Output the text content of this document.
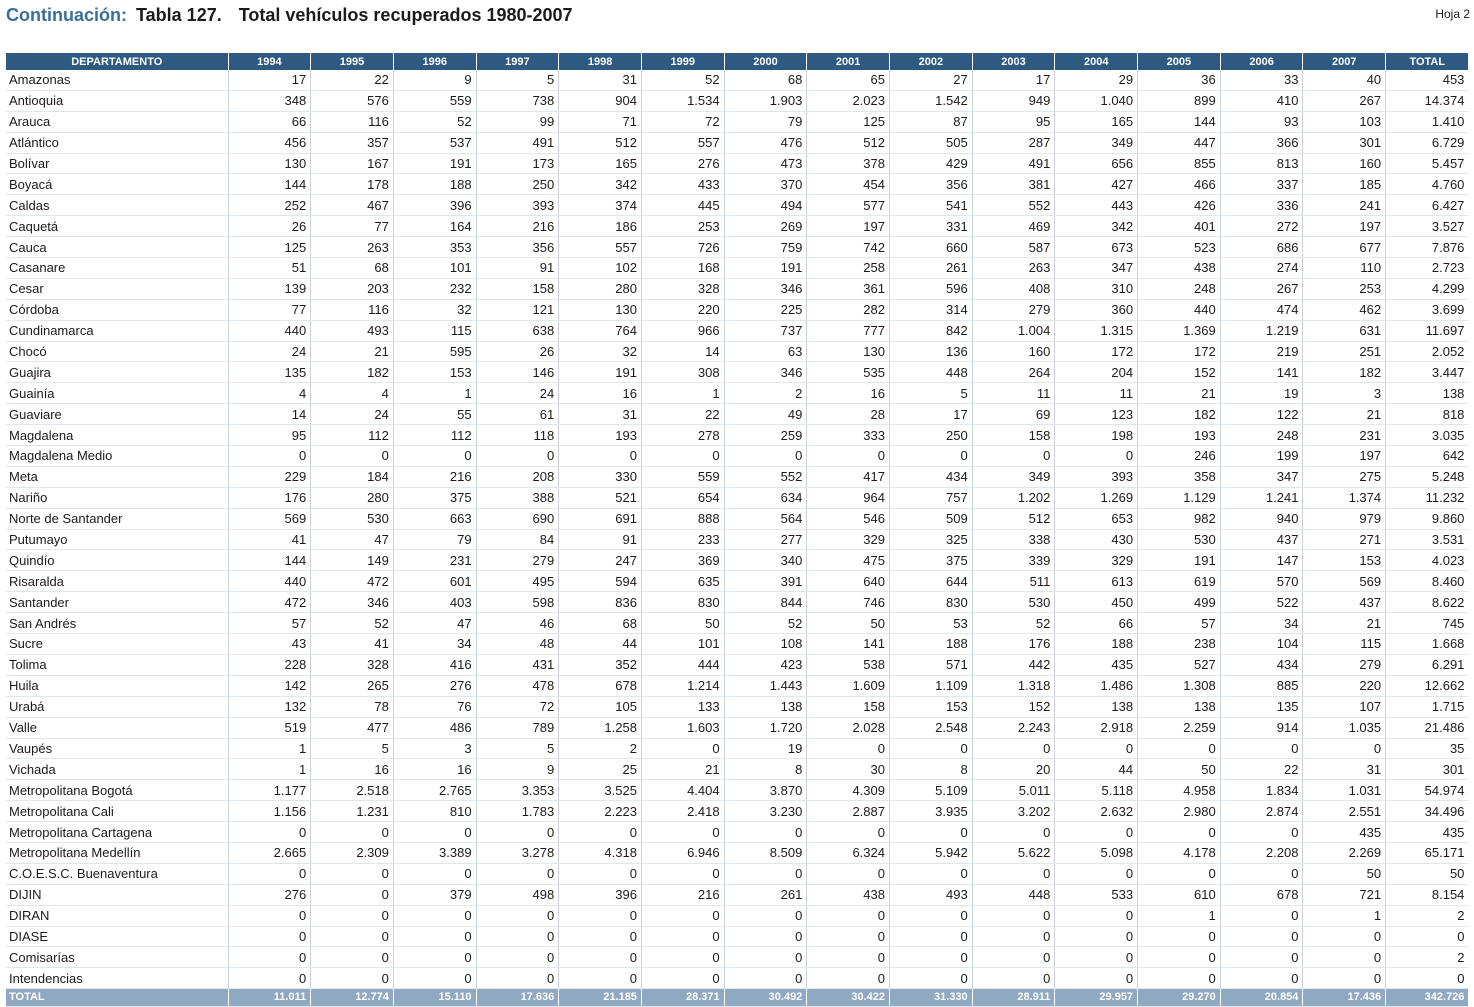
Continuación: Tabla 127. Total vehículos recuperados 1980-2007	Hoja 2
DEPARTAMENTO	1994	1995	1996	1997	1998	1999	2000	2001	2002	2003	2004	2005	2006	2007	TOTAL
Amazonas	17	22	9	5	31	52	68	65	27	17	29	36	33	40	453
Antioquia	348	576	559	738	904	1.534	1.903	2.023	1.542	949	1.040	899	410	267	14.374
Arauca	66	116	52	99	71	72	79	125	87	95	165	144	93	103	1.410
Atlántico	456	357	537	491	512	557	476	512	505	287	349	447	366	301	6.729
Bolívar	130	167	191	173	165	276	473	378	429	491	656	855	813	160	5.457
Boyacá	144	178	188	250	342	433	370	454	356	381	427	466	337	185	4.760
Caldas	252	467	396	393	374	445	494	577	541	552	443	426	336	241	6.427
Caquetá	26	77	164	216	186	253	269	197	331	469	342	401	272	197	3.527
Cauca	125	263	353	356	557	726	759	742	660	587	673	523	686	677	7.876
Casanare	51	68	101	91	102	168	191	258	261	263	347	438	274	110	2.723
Cesar	139	203	232	158	280	328	346	361	596	408	310	248	267	253	4.299
Córdoba	77	116	32	121	130	220	225	282	314	279	360	440	474	462	3.699
Cundinamarca	440	493	115	638	764	966	737	777	842	1.004	1.315	1.369	1.219	631	11.697
Chocó	24	21	595	26	32	14	63	130	136	160	172	172	219	251	2.052
Guajira	135	182	153	146	191	308	346	535	448	264	204	152	141	182	3.447
Guainía	4	4	1	24	16	1	2	16	5	11	11	21	19	3	138
Guaviare	14	24	55	61	31	22	49	28	17	69	123	182	122	21	818
Magdalena	95	112	112	118	193	278	259	333	250	158	198	193	248	231	3.035
Magdalena Medio	0	0	0	0	0	0	0	0	0	0	0	246	199	197	642
Meta	229	184	216	208	330	559	552	417	434	349	393	358	347	275	5.248
Nariño	176	280	375	388	521	654	634	964	757	1.202	1.269	1.129	1.241	1.374	11.232
Norte de Santander	569	530	663	690	691	888	564	546	509	512	653	982	940	979	9.860
Putumayo	41	47	79	84	91	233	277	329	325	338	430	530	437	271	3.531
Quindío	144	149	231	279	247	369	340	475	375	339	329	191	147	153	4.023
Risaralda	440	472	601	495	594	635	391	640	644	511	613	619	570	569	8.460
Santander	472	346	403	598	836	830	844	746	830	530	450	499	522	437	8.622
San Andrés	57	52	47	46	68	50	52	50	53	52	66	57	34	21	745
Sucre	43	41	34	48	44	101	108	141	188	176	188	238	104	115	1.668
Tolima	228	328	416	431	352	444	423	538	571	442	435	527	434	279	6.291
Huila	142	265	276	478	678	1.214	1.443	1.609	1.109	1.318	1.486	1.308	885	220	12.662
Urabá	132	78	76	72	105	133	138	158	153	152	138	138	135	107	1.715
Valle	519	477	486	789	1.258	1.603	1.720	2.028	2.548	2.243	2.918	2.259	914	1.035	21.486
Vaupés	1	5	3	5	2	0	19	0	0	0	0	0	0	0	35
Vichada	1	16	16	9	25	21	8	30	8	20	44	50	22	31	301
Metropolitana Bogotá	1.177	2.518	2.765	3.353	3.525	4.404	3.870	4.309	5.109	5.011	5.118	4.958	1.834	1.031	54.974
Metropolitana Cali	1.156	1.231	810	1.783	2.223	2.418	3.230	2.887	3.935	3.202	2.632	2.980	2.874	2.551	34.496
Metropolitana Cartagena	0	0	0	0	0	0	0	0	0	0	0	0	0	435	435
Metropolitana Medellín	2.665	2.309	3.389	3.278	4.318	6.946	8.509	6.324	5.942	5.622	5.098	4.178	2.208	2.269	65.171
C.O.E.S.C. Buenaventura	0	0	0	0	0	0	0	0	0	0	0	0	0	50	50
DIJIN	276	0	379	498	396	216	261	438	493	448	533	610	678	721	8.154
DIRAN	0	0	0	0	0	0	0	0	0	0	0	1	0	1	2
DIASE	0	0	0	0	0	0	0	0	0	0	0	0	0	0	0
Comisarías	0	0	0	0	0	0	0	0	0	0	0	0	0	0	2
Intendencias	0	0	0	0	0	0	0	0	0	0	0	0	0	0	0
TOTAL	11.011	12.774	15.110	17.636	21.185	28.371	30.492	30.422	31.330	28.911	29.957	29.270	20.854	17.436	342.726
